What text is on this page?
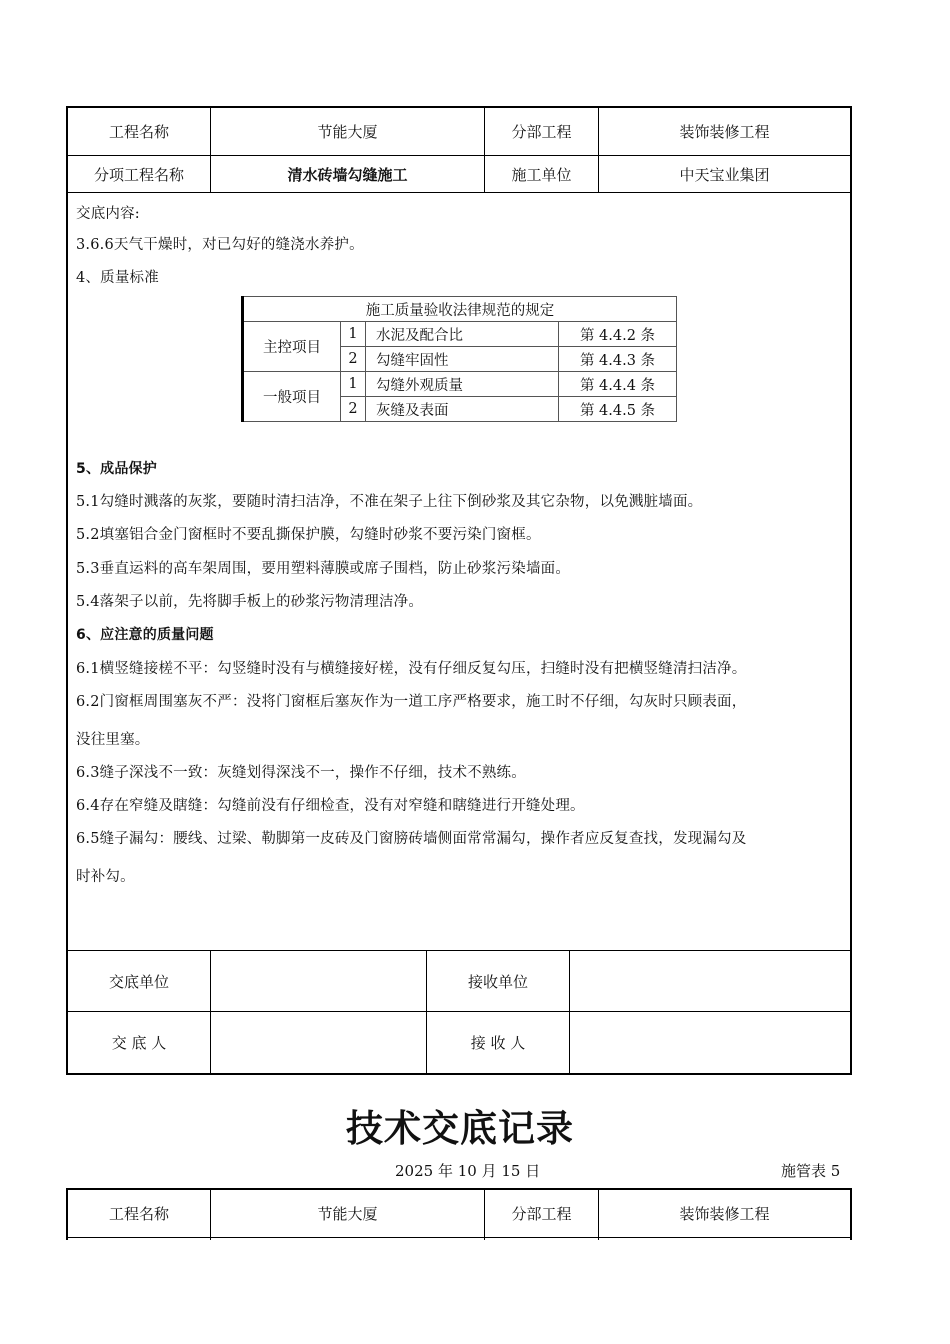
工程名称	节能大厦	分部工程	装饰装修工程
分项工程名称	清水砖墙勾缝施工	施工单位	中天宝业集团
交底内容:
3.6.6天气干燥时，对已勾好的缝浇水养护。
4、质量标准
施工质量验收法律规范的规定			
主控项目	1	水泥及配合比	第 4.4.2 条
	2	勾缝牢固性	第 4.4.3 条
一般项目	1	勾缝外观质量	第 4.4.4 条
	2	灰缝及表面	第 4.4.5 条
5、成品保护
5.1勾缝时溅落的灰浆，要随时清扫洁净，不准在架子上往下倒砂浆及其它杂物，以免溅脏墙面。
5.2填塞铝合金门窗框时不要乱撕保护膜，勾缝时砂浆不要污染门窗框。
5.3垂直运料的高车架周围，要用塑料薄膜或席子围档，防止砂浆污染墙面。
5.4落架子以前，先将脚手板上的砂浆污物清理洁净。
6、应注意的质量问题
6.1横竖缝接槎不平：勾竖缝时没有与横缝接好槎，没有仔细反复勾压，扫缝时没有把横竖缝清扫洁净。
6.2门窗框周围塞灰不严：没将门窗框后塞灰作为一道工序严格要求，施工时不仔细，勾灰时只顾表面，
没往里塞。
6.3缝子深浅不一致：灰缝划得深浅不一，操作不仔细，技术不熟练。
6.4存在窄缝及瞎缝：勾缝前没有仔细检查，没有对窄缝和瞎缝进行开缝处理。
6.5缝子漏勾：腰线、过梁、勒脚第一皮砖及门窗膀砖墙侧面常常漏勾，操作者应反复查找，发现漏勾及
时补勾。
交底单位	接收单位
交 底 人	接 收 人
技术交底记录
2025 年 10 月 15 日	施管表 5
工程名称	节能大厦	分部工程	装饰装修工程
